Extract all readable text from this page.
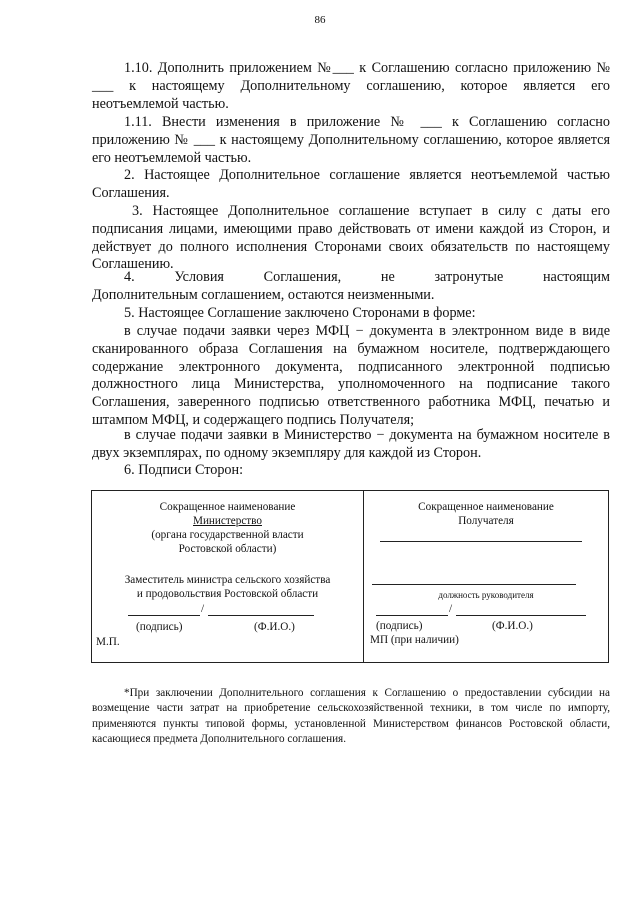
86

1.10. Дополнить приложением №___ к Соглашению согласно приложению № ___ к настоящему Дополнительному соглашению, которое является его неотъемлемой частью.

1.11. Внести изменения в приложение № ___ к Соглашению согласно приложению № ___ к настоящему Дополнительному соглашению, которое является его неотъемлемой частью.

2. Настоящее Дополнительное соглашение является неотъемлемой частью Соглашения.

3. Настоящее Дополнительное соглашение вступает в силу с даты его подписания лицами, имеющими право действовать от имени каждой из Сторон, и действует до полного исполнения Сторонами своих обязательств по настоящему Соглашению.

4.	Условия	Соглашения,	не	затронутые	настоящим
Дополнительным соглашением, остаются неизменными.

5. Настоящее Соглашение заключено Сторонами в форме:

в случае подачи заявки через МФЦ − документа в электронном виде в виде сканированного образа Соглашения на бумажном носителе, подтверждающего содержание электронного документа, подписанного электронной подписью должностного лица Министерства, уполномоченного на подписание такого Соглашения, заверенного подписью ответственного работника МФЦ, печатью и штампом МФЦ, и содержащего подпись Получателя;

в случае подачи заявки в Министерство − документа на бумажном носителе в двух экземплярах, по одному экземпляру для каждой из Сторон.

6. Подписи Сторон:

Сокращенное наименование

Министерство

(органа государственной власти

Ростовской области)

Заместитель министра сельского хозяйства

и продовольствия Ростовской области

/
(подпись)	(Ф.И.О.)
М.П.

Сокращенное наименование

Получателя

должность руководителя

/
(подпись)	(Ф.И.О.)
МП (при наличии)

*При заключении Дополнительного соглашения к Соглашению о предоставлении субсидии на возмещение части затрат на приобретение сельскохозяйственной техники, в том числе по импорту, применяются пункты типовой формы, установленной Министерством финансов Ростовской области, касающиеся предмета Дополнительного соглашения.
